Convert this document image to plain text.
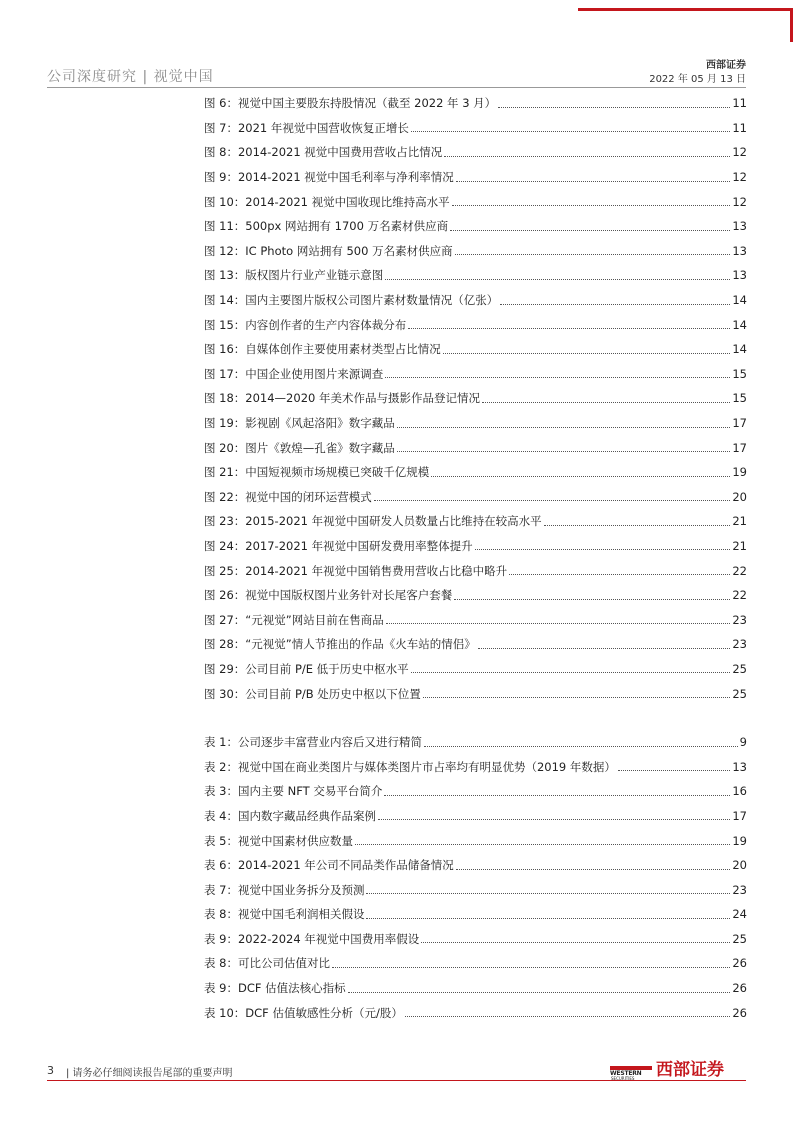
公司深度研究 | 视觉中国
西部证券
2022 年 05 月 13 日
图 6：视觉中国主要股东持股情况（截至 2022 年 3 月）	11
图 7：2021 年视觉中国营收恢复正增长	11
图 8：2014-2021 视觉中国费用营收占比情况	12
图 9：2014-2021 视觉中国毛利率与净利率情况	12
图 10：2014-2021 视觉中国收现比维持高水平	12
图 11：500px 网站拥有 1700 万名素材供应商	13
图 12：IC Photo 网站拥有 500 万名素材供应商	13
图 13：版权图片行业产业链示意图	13
图 14：国内主要图片版权公司图片素材数量情况（亿张）	14
图 15：内容创作者的生产内容体裁分布	14
图 16：自媒体创作主要使用素材类型占比情况	14
图 17：中国企业使用图片来源调查	15
图 18：2014—2020 年美术作品与摄影作品登记情况	15
图 19：影视剧《风起洛阳》数字藏品	17
图 20：图片《敦煌—孔雀》数字藏品	17
图 21：中国短视频市场规模已突破千亿规模	19
图 22：视觉中国的闭环运营模式	20
图 23：2015-2021 年视觉中国研发人员数量占比维持在较高水平	21
图 24：2017-2021 年视觉中国研发费用率整体提升	21
图 25：2014-2021 年视觉中国销售费用营收占比稳中略升	22
图 26：视觉中国版权图片业务针对长尾客户套餐	22
图 27：“元视觉”网站目前在售商品	23
图 28：“元视觉”情人节推出的作品《火车站的情侣》	23
图 29：公司目前 P/E 低于历史中枢水平	25
图 30：公司目前 P/B 处历史中枢以下位置	25
表 1：公司逐步丰富营业内容后又进行精简	9
表 2：视觉中国在商业类图片与媒体类图片市占率均有明显优势（2019 年数据）	13
表 3：国内主要 NFT 交易平台简介	16
表 4：国内数字藏品经典作品案例	17
表 5：视觉中国素材供应数量	19
表 6：2014-2021 年公司不同品类作品储备情况	20
表 7：视觉中国业务拆分及预测	23
表 8：视觉中国毛利润相关假设	24
表 9：2022-2024 年视觉中国费用率假设	25
表 8：可比公司估值对比	26
表 9：DCF 估值法核心指标	26
表 10：DCF 估值敏感性分析（元/股）	26
3 | 请务必仔细阅读报告尾部的重要声明	WESTERN
SECURITIES 西部证券
